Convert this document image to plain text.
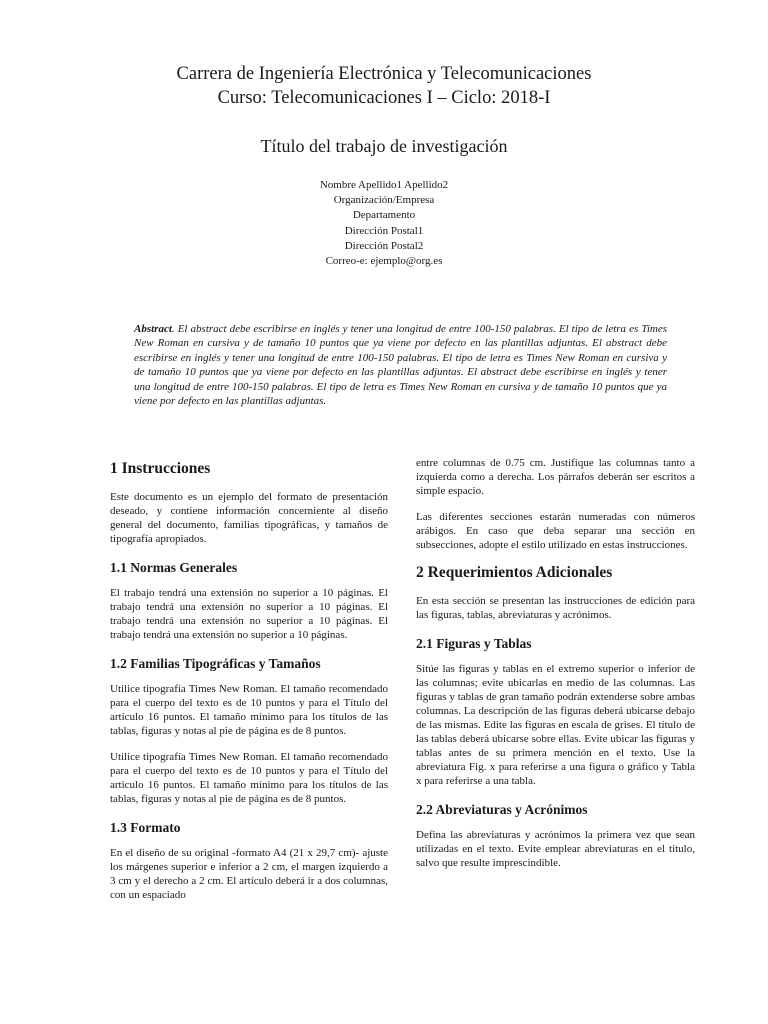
Carrera de Ingeniería Electrónica y Telecomunicaciones
Curso: Telecomunicaciones I – Ciclo: 2018-I
Título del trabajo de investigación
Nombre Apellido1 Apellido2
Organización/Empresa
Departamento
Dirección Postal1
Dirección Postal2
Correo-e: ejemplo@org.es
Abstract. El abstract debe escribirse en inglés y tener una longitud de entre 100-150 palabras. El tipo de letra es Times New Roman en cursiva y de tamaño 10 puntos que ya viene por defecto en las plantillas adjuntas. El abstract debe escribirse en inglés y tener una longitud de entre 100-150 palabras. El tipo de letra es Times New Roman en cursiva y de tamaño 10 puntos que ya viene por defecto en las plantillas adjuntas. El abstract debe escribirse en inglés y tener una longitud de entre 100-150 palabras. El tipo de letra es Times New Roman en cursiva y de tamaño 10 puntos que ya viene por defecto en las plantillas adjuntas.
1 Instrucciones

Este documento es un ejemplo del formato de presentación deseado, y contiene información concerniente al diseño general del documento, familias tipográficas, y tamaños de tipografía apropiados.

1.1 Normas Generales

El trabajo tendrá una extensión no superior a 10 páginas. El trabajo tendrá una extensión no superior a 10 páginas. El trabajo tendrá una extensión no superior a 10 páginas. El trabajo tendrá una extensión no superior a 10 páginas.

1.2 Familias Tipográficas y Tamaños

Utilice tipografía Times New Roman. El tamaño recomendado para el cuerpo del texto es de 10 puntos y para el Título del articulo 16 puntos. El tamaño mínimo para los títulos de las tablas, figuras y notas al pie de página es de 8 puntos.

Utilice tipografía Times New Roman. El tamaño recomendado para el cuerpo del texto es de 10 puntos y para el Título del articulo 16 puntos. El tamaño mínimo para los títulos de las tablas, figuras y notas al pie de página es de 8 puntos.

1.3 Formato

En el diseño de su original -formato A4 (21 x 29,7 cm)- ajuste los márgenes superior e inferior a 2 cm, el margen izquierdo a 3 cm y el derecho a 2 cm. El artículo deberá ir a dos columnas, con un espaciado

entre columnas de 0.75 cm. Justifique las columnas tanto a izquierda como a derecha. Los párrafos deberán ser escritos a simple espacio.

Las diferentes secciones estarán numeradas con números arábigos. En caso que deba separar una sección en subsecciones, adopte el estilo utilizado en estas instrucciones.

2 Requerimientos Adicionales

En esta sección se presentan las instrucciones de edición para las figuras, tablas, abreviaturas y acrónimos.

2.1 Figuras y Tablas

Sitúe las figuras y tablas en el extremo superior o inferior de las columnas; evite ubicarlas en medio de las columnas. Las figuras y tablas de gran tamaño podrán extenderse sobre ambas columnas. La descripción de las figuras deberá ubicarse debajo de las mismas. Edite las figuras en escala de grises. El título de las tablas deberá ubicarse sobre ellas. Evite ubicar las figuras y tablas antes de su primera mención en el texto. Use la abreviatura Fig. x para referirse a una figura o gráfico y Tabla x para referirse a una tabla.

2.2 Abreviaturas y Acrónimos

Defina las abreviaturas y acrónimos la primera vez que sean utilizadas en el texto. Evite emplear abreviaturas en el título, salvo que resulte imprescindible.
